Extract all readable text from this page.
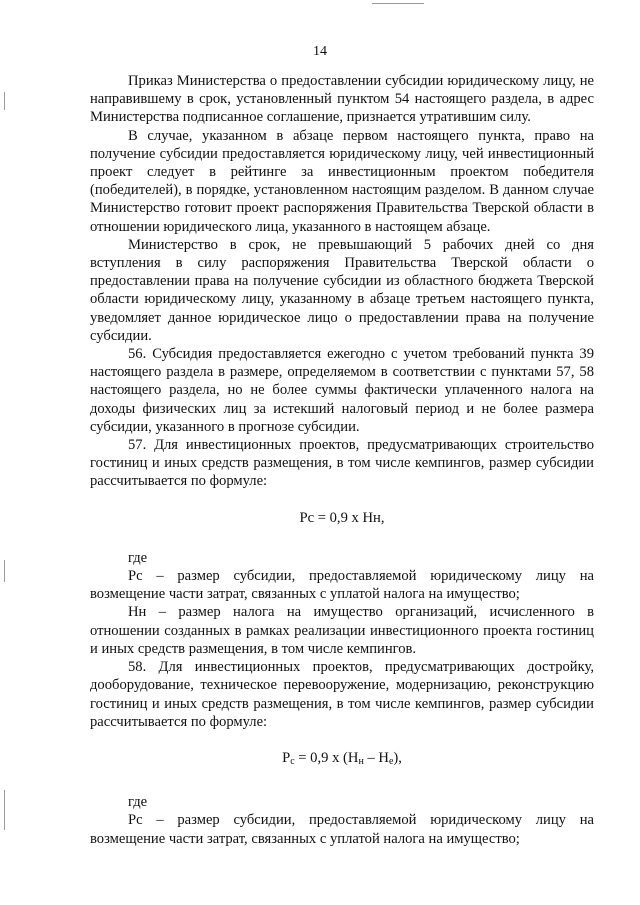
14

Приказ Министерства о предоставлении субсидии юридическому лицу, не направившему в срок, установленный пунктом 54 настоящего раздела, в адрес Министерства подписанное соглашение, признается утратившим силу.

В случае, указанном в абзаце первом настоящего пункта, право на получение субсидии предоставляется юридическому лицу, чей инвестиционный проект следует в рейтинге за инвестиционным проектом победителя (победителей), в порядке, установленном настоящим разделом. В данном случае Министерство готовит проект распоряжения Правительства Тверской области в отношении юридического лица, указанного в настоящем абзаце.

Министерство в срок, не превышающий 5 рабочих дней со дня вступления в силу распоряжения Правительства Тверской области о предоставлении права на получение субсидии из областного бюджета Тверской области юридическому лицу, указанному в абзаце третьем настоящего пункта, уведомляет данное юридическое лицо о предоставлении права на получение субсидии.

56. Субсидия предоставляется ежегодно с учетом требований пункта 39 настоящего раздела в размере, определяемом в соответствии с пунктами 57, 58 настоящего раздела, но не более суммы фактически уплаченного налога на доходы физических лиц за истекший налоговый период и не более размера субсидии, указанного в прогнозе субсидии.

57. Для инвестиционных проектов, предусматривающих строительство гостиниц и иных средств размещения, в том числе кемпингов, размер субсидии рассчитывается по формуле:

Рс = 0,9 х Нн,

где

Рс – размер субсидии, предоставляемой юридическому лицу на возмещение части затрат, связанных с уплатой налога на имущество;

Нн – размер налога на имущество организаций, исчисленного в отношении созданных в рамках реализации инвестиционного проекта гостиниц и иных средств размещения, в том числе кемпингов.

58. Для инвестиционных проектов, предусматривающих достройку, дооборудование, техническое перевооружение, модернизацию, реконструкцию гостиниц и иных средств размещения, в том числе кемпингов, размер субсидии рассчитывается по формуле:

$Р_с = 0,9$ х $(Н_н - Н_е)$,

где

Рс – размер субсидии, предоставляемой юридическому лицу на возмещение части затрат, связанных с уплатой налога на имущество;
